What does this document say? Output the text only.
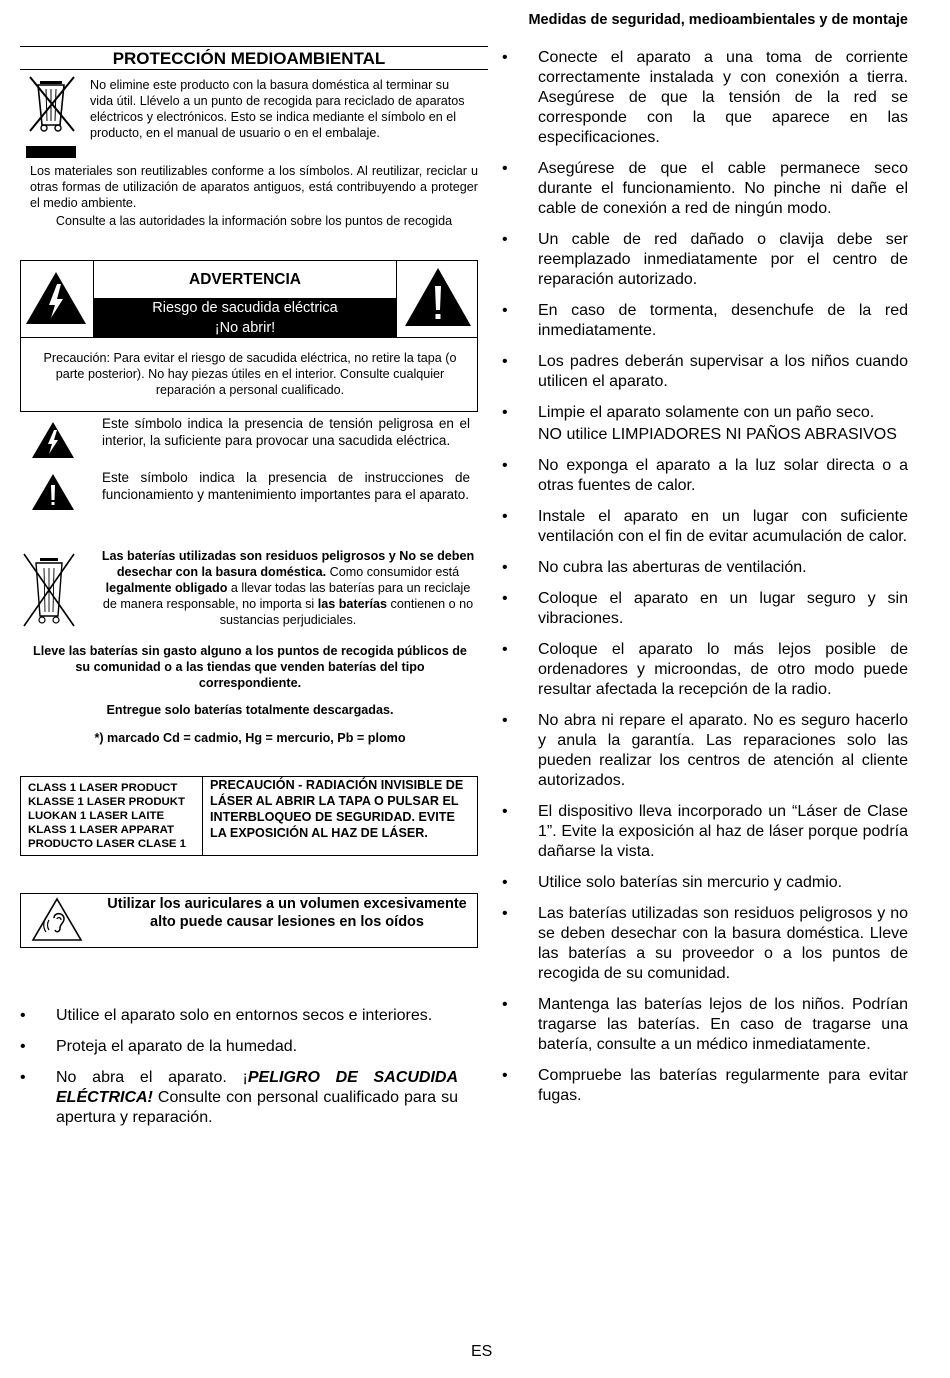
Medidas de seguridad, medioambientales y de montaje
PROTECCIÓN MEDIOAMBIENTAL
No elimine este producto con la basura doméstica al terminar su vida útil. Llévelo a un punto de recogida para reciclado de aparatos eléctricos y electrónicos. Esto se indica mediante el símbolo en el producto, en el manual de usuario o en el embalaje.
Los materiales son reutilizables conforme a los símbolos. Al reutilizar, reciclar u otras formas de utilización de aparatos antiguos, está contribuyendo a proteger el medio ambiente.
Consulte a las autoridades la información sobre los puntos de recogida
ADVERTENCIA
Riesgo de sacudida eléctrica
¡No abrir!
Precaución: Para evitar el riesgo de sacudida eléctrica, no retire la tapa (o parte posterior). No hay piezas útiles en el interior. Consulte cualquier reparación a personal cualificado.
Este símbolo indica la presencia de tensión peligrosa en el interior, la suficiente para provocar una sacudida eléctrica.
Este símbolo indica la presencia de instrucciones de funcionamiento y mantenimiento importantes para el aparato.
Las baterías utilizadas son residuos peligrosos y No se deben desechar con la basura doméstica. Como consumidor está legalmente obligado a llevar todas las baterías para un reciclaje de manera responsable, no importa si las baterías contienen o no sustancias perjudiciales.
Lleve las baterías sin gasto alguno a los puntos de recogida públicos de su comunidad o a las tiendas que venden baterías del tipo correspondiente.
Entregue solo baterías totalmente descargadas.
*) marcado Cd = cadmio, Hg = mercurio, Pb = plomo
CLASS 1 LASER PRODUCT
KLASSE 1 LASER PRODUKT
LUOKAN 1 LASER LAITE
KLASS 1 LASER APPARAT
PRODUCTO LASER CLASE 1
PRECAUCIÓN - RADIACIÓN INVISIBLE DE LÁSER AL ABRIR LA TAPA O PULSAR EL INTERBLOQUEO DE SEGURIDAD. EVITE LA EXPOSICIÓN AL HAZ DE LÁSER.
Utilizar los auriculares a un volumen excesivamente alto puede causar lesiones en los oídos
• Utilice el aparato solo en entornos secos e interiores.
• Proteja el aparato de la humedad.
• No abra el aparato. ¡PELIGRO DE SACUDIDA ELÉCTRICA! Consulte con personal cualificado para su apertura y reparación.
• Conecte el aparato a una toma de corriente correctamente instalada y con conexión a tierra. Asegúrese de que la tensión de la red se corresponde con la que aparece en las especificaciones.
• Asegúrese de que el cable permanece seco durante el funcionamiento. No pinche ni dañe el cable de conexión a red de ningún modo.
• Un cable de red dañado o clavija debe ser reemplazado inmediatamente por el centro de reparación autorizado.
• En caso de tormenta, desenchufe de la red inmediatamente.
• Los padres deberán supervisar a los niños cuando utilicen el aparato.
• Limpie el aparato solamente con un paño seco.
NO utilice LIMPIADORES NI PAÑOS ABRASIVOS
• No exponga el aparato a la luz solar directa o a otras fuentes de calor.
• Instale el aparato en un lugar con suficiente ventilación con el fin de evitar acumulación de calor.
• No cubra las aberturas de ventilación.
• Coloque el aparato en un lugar seguro y sin vibraciones.
• Coloque el aparato lo más lejos posible de ordenadores y microondas, de otro modo puede resultar afectada la recepción de la radio.
• No abra ni repare el aparato. No es seguro hacerlo y anula la garantía. Las reparaciones solo las pueden realizar los centros de atención al cliente autorizados.
• El dispositivo lleva incorporado un “Láser de Clase 1”. Evite la exposición al haz de láser porque podría dañarse la vista.
• Utilice solo baterías sin mercurio y cadmio.
• Las baterías utilizadas son residuos peligrosos y no se deben desechar con la basura doméstica. Lleve las baterías a su proveedor o a los puntos de recogida de su comunidad.
• Mantenga las baterías lejos de los niños. Podrían tragarse las baterías. En caso de tragarse una batería, consulte a un médico inmediatamente.
• Compruebe las baterías regularmente para evitar fugas.
ES
